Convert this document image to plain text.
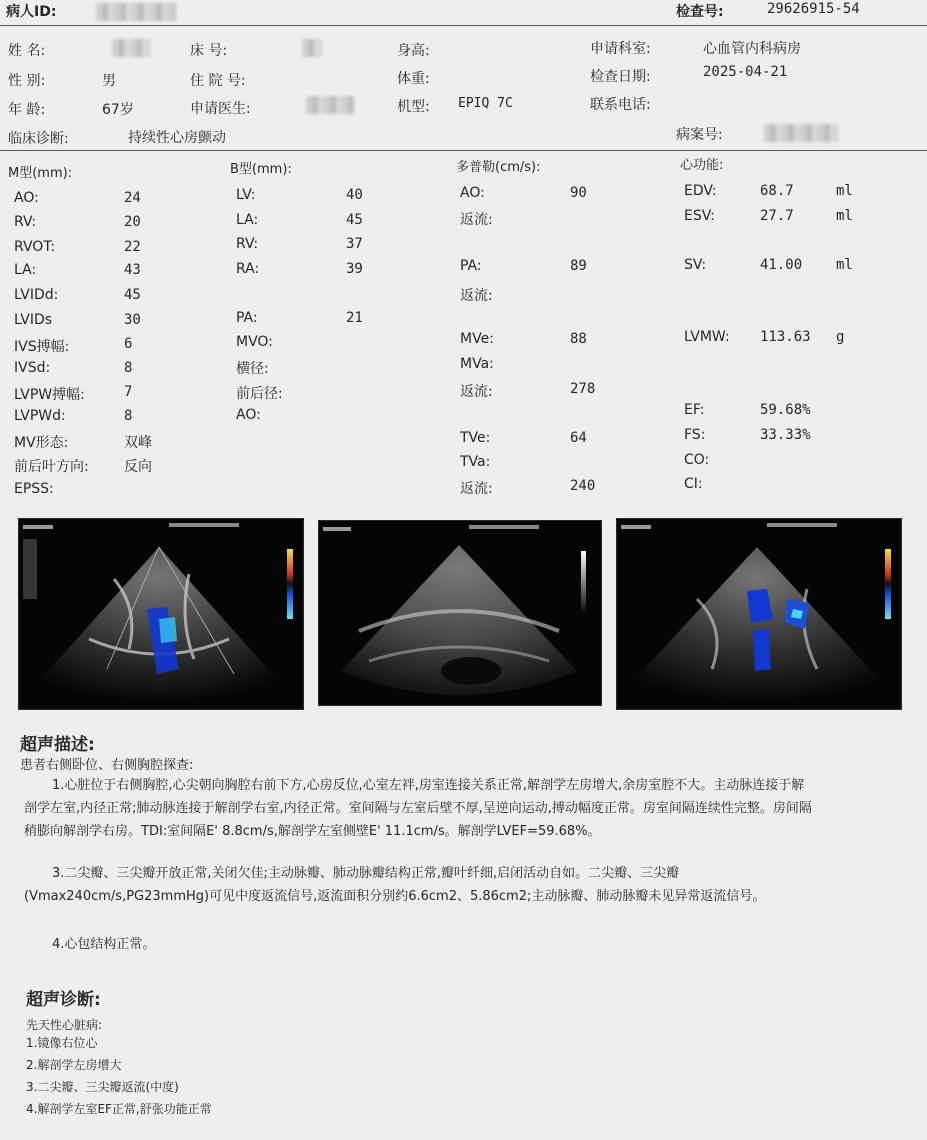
病人ID:	检查号:	29626915-54
姓 名:	床 号:	身高:	申请科室:	心血管内科病房
性 别:	男	住 院 号:	体重:	检查日期:	2025-04-21
年 龄:	67岁	申请医生:	机型: EPIQ 7C	联系电话:
临床诊断:	持续性心房颤动	病案号:
M型(mm):	B型(mm):	多普勒(cm/s):	心功能:
AO:	24
RV:	20
RVOT:	22
LA:	43
LVIDd:	45
LVIDs	30
IVS搏幅:	6
IVSd:	8
LVPW搏幅:	7
LVPWd:	8
MV形态:	双峰
前后叶方向:	反向
EPSS:
LV:	40
LA:	45
RV:	37
RA:	39
PA:	21
MVO:
横径:
前后径:
AO:
AO:	90
返流:
PA:	89
返流:
MVe:	88
MVa:
返流:	278
TVe:	64
TVa:
返流:	240
EDV:	68.7	ml
ESV:	27.7	ml
SV:	41.00 ml
LVMW: 113.63 g
EF:	59.68%
FS:	33.33%
CO:
CI:
超声描述:
患者右侧卧位、右侧胸腔探查:
1.心脏位于右侧胸腔,心尖朝向胸腔右前下方,心房反位,心室左袢,房室连接关系正常,解剖学左房增大,余房室腔不大。主动脉连接于解剖学左室,内径正常;肺动脉连接于解剖学右室,内径正常。室间隔与左室后壁不厚,呈逆向运动,搏动幅度正常。房室间隔连续性完整。房间隔稍膨向解剖学右房。TDI:室间隔E' 8.8cm/s,解剖学左室侧壁E' 11.1cm/s。解剖学LVEF=59.68%。
3.二尖瓣、三尖瓣开放正常,关闭欠佳;主动脉瓣、肺动脉瓣结构正常,瓣叶纤细,启闭活动自如。二尖瓣、三尖瓣(Vmax240cm/s,PG23mmHg)可见中度返流信号,返流面积分别约6.6cm2、5.86cm2;主动脉瓣、肺动脉瓣未见异常返流信号。
4.心包结构正常。
超声诊断:
先天性心脏病:
1.镜像右位心
2.解剖学左房增大
3.二尖瓣、三尖瓣返流(中度)
4.解剖学左室EF正常,舒张功能正常
